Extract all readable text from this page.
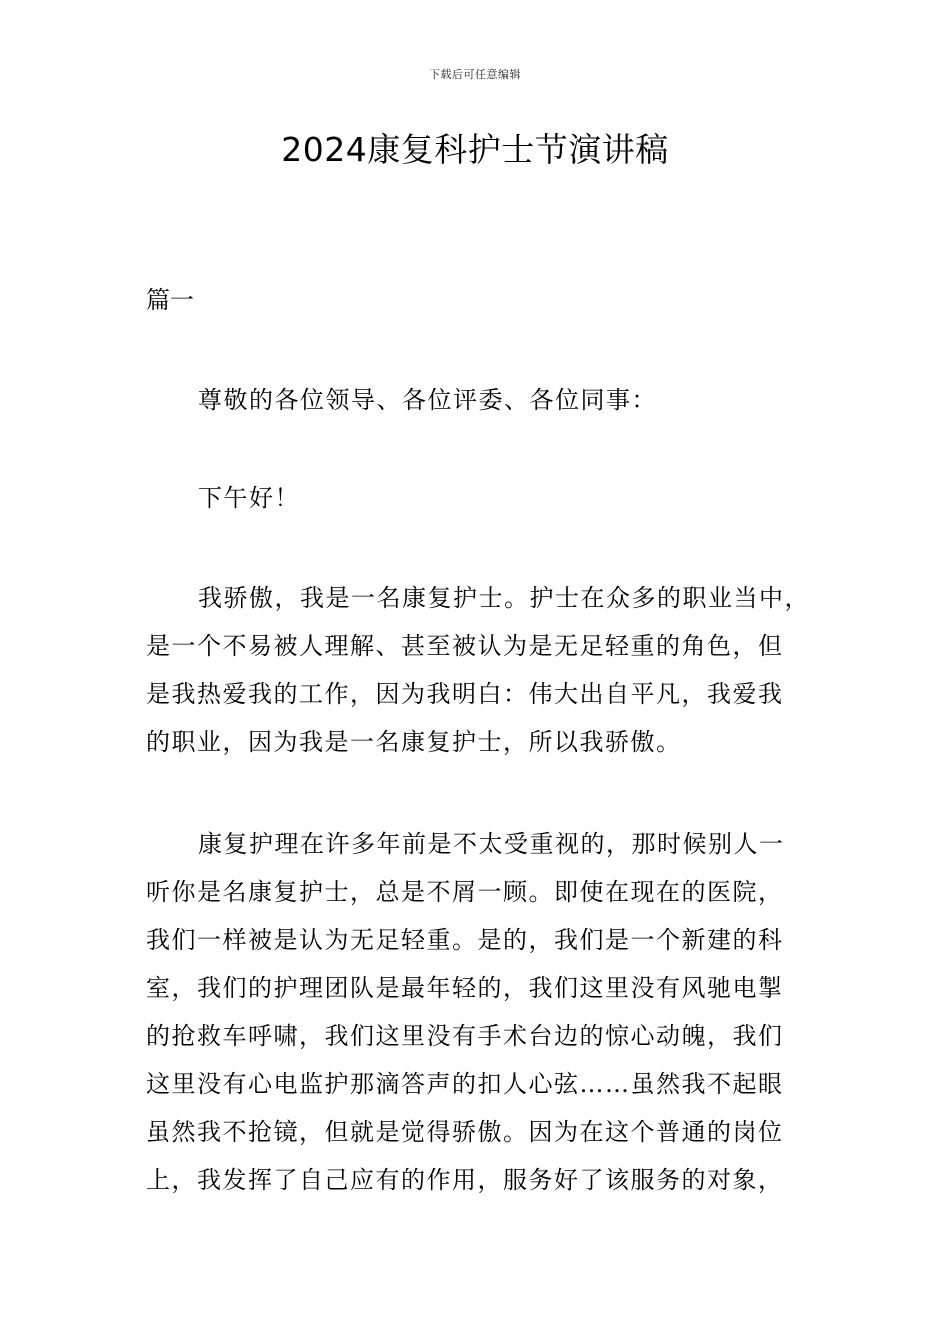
下载后可任意编辑
2024康复科护士节演讲稿
篇一

尊敬的各位领导、各位评委、各位同事：

下午好！

我骄傲，我是一名康复护士。护士在众多的职业当中，
是一个不易被人理解、甚至被认为是无足轻重的角色，但
是我热爱我的工作，因为我明白：伟大出自平凡，我爱我
的职业，因为我是一名康复护士，所以我骄傲。

康复护理在许多年前是不太受重视的，那时候别人一
听你是名康复护士，总是不屑一顾。即使在现在的医院，
我们一样被是认为无足轻重。是的，我们是一个新建的科
室，我们的护理团队是最年轻的，我们这里没有风驰电掣
的抢救车呼啸，我们这里没有手术台边的惊心动魄，我们
这里没有心电监护那滴答声的扣人心弦……虽然我不起眼
虽然我不抢镜，但就是觉得骄傲。因为在这个普通的岗位
上，我发挥了自己应有的作用，服务好了该服务的对象，
